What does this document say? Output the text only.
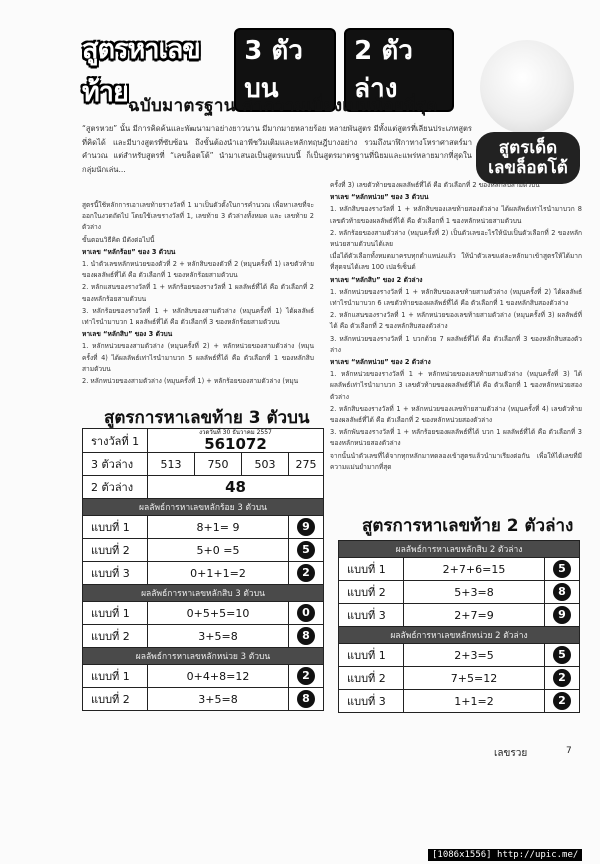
สูตรหาเลขท้าย
3 ตัวบน
2 ตัวล่าง
ฉบับมาตรฐาน ค่าความเบี่ยงเบนน้อยที่สุด
สูตรเด็ด
เลขล็อตโต้
“สูตรหวย” นั้น มีการคิดค้นและพัฒนามาอย่างยาวนาน มีมากมายหลายร้อย หลายพันสูตร มีทั้งแต่สูตรที่เลียนประเภทสูตรที่คิดได้ และมีบางสูตรที่ซับซ้อน ถึงขั้นต้องนำเอาพีชวิมเติมและหลักทฤษฎีบางอย่าง รวมถึงนาฬิกาทางโหราศาสตร์มาคำนวณ แต่สำหรับสูตรที่ “เลขล็อตโต้” นำมาเสนอเป็นสูตรแบบนี้ ก็เป็นสูตรมาตรฐานที่นิยมและแพร่หลายมากที่สุดในกลุ่มนักเล่น...

สูตรนี้ใช้หลักการเอาเลขท้ายรางวัลที่ 1 มาเป็นตัวตั้งในการคำนวณ เพื่อหาเลขที่จะออกในงวดถัดไป โดยใช้เลขรางวัลที่ 1, เลขท้าย 3 ตัวล่างทั้งหมด และ เลขท้าย 2 ตัวล่าง

ขั้นตอนวิธีคิด มีดังต่อไปนี้

หาเลข “หลักร้อย” ของ 3 ตัวบน

1. นำตัวเลขหลักหน่วยของตัวที่ 2 + หลักสิบของตัวที่ 2 (หมุนครั้งที่ 1) เลขตัวท้ายของผลลัพธ์ที่ได้ คือ ตัวเลือกที่ 1 ของหลักร้อยสามตัวบน

2. หลักแสนของรางวัลที่ 1 + หลักร้อยของรางวัลที่ 1 ผลลัพธ์ที่ได้ คือ ตัวเลือกที่ 2 ของหลักร้อยสามตัวบน

3. หลักร้อยของรางวัลที่ 1 + หลักสิบของสามตัวล่าง (หมุนครั้งที่ 1) ได้ผลลัพธ์เท่าไรนำมาบวก 1 ผลลัพธ์ที่ได้ คือ ตัวเลือกที่ 3 ของหลักร้อยสามตัวบน

หาเลข “หลักสิบ” ของ 3 ตัวบน

1. หลักหน่วยของสามตัวล่าง (หมุนครั้งที่ 2) + หลักหน่วยของสามตัวล่าง (หมุนครั้งที่ 4) ได้ผลลัพธ์เท่าไรนำมาบวก 5 ผลลัพธ์ที่ได้ คือ ตัวเลือกที่ 1 ของหลักสิบสามตัวบน

2. หลักหน่วยของสามตัวล่าง (หมุนครั้งที่ 1) + หลักร้อยของสามตัวล่าง (หมุน

ครั้งที่ 3) เลขตัวท้ายของผลลัพธ์ที่ได้ คือ ตัวเลือกที่ 2 ของหลักสิบสามตัวบน

หาเลข “หลักหน่วย” ของ 3 ตัวบน

1. หลักสิบของรางวัลที่ 1 + หลักสิบของเลขท้ายสองตัวล่าง ได้ผลลัพธ์เท่าไรนำมาบวก 8 เลขตัวท้ายของผลลัพธ์ที่ได้ คือ ตัวเลือกที่ 1 ของหลักหน่วยสามตัวบน

2. หลักร้อยของสามตัวล่าง (หมุนครั้งที่ 2) เป็นตัวเลขอะไรให้นับเป็นตัวเลือกที่ 2 ของหลักหน่วยสามตัวบนได้เลย

เมื่อได้ตัวเลือกทั้งหมดมาครบทุกตำแหน่งแล้ว ให้นำตัวเลขแต่ละหลักมาเข้าสูตรให้ได้มากที่สุดจนได้เลข 100 เปอร์เซ็นต์

หาเลข “หลักสิบ” ของ 2 ตัวล่าง

1. หลักหน่วยของรางวัลที่ 1 + หลักสิบของเลขท้ายสามตัวล่าง (หมุนครั้งที่ 2) ได้ผลลัพธ์เท่าไรนำมาบวก 6 เลขตัวท้ายของผลลัพธ์ที่ได้ คือ ตัวเลือกที่ 1 ของหลักสิบสองตัวล่าง

2. หลักแสนของรางวัลที่ 1 + หลักหน่วยของเลขท้ายสามตัวล่าง (หมุนครั้งที่ 3) ผลลัพธ์ที่ได้ คือ ตัวเลือกที่ 2 ของหลักสิบสองตัวล่าง

3. หลักหน่วยของรางวัลที่ 1 บวกด้วย 7 ผลลัพธ์ที่ได้ คือ ตัวเลือกที่ 3 ของหลักสิบสองตัวล่าง

หาเลข “หลักหน่วย” ของ 2 ตัวล่าง

1. หลักหน่วยของรางวัลที่ 1 + หลักหน่วยของเลขท้ายสามตัวล่าง (หมุนครั้งที่ 3) ได้ผลลัพธ์เท่าไรนำมาบวก 3 เลขตัวท้ายของผลลัพธ์ที่ได้ คือ ตัวเลือกที่ 1 ของหลักหน่วยสองตัวล่าง

2. หลักสิบของรางวัลที่ 1 + หลักหน่วยของเลขท้ายสามตัวล่าง (หมุนครั้งที่ 4) เลขตัวท้ายของผลลัพธ์ที่ได้ คือ ตัวเลือกที่ 2 ของหลักหน่วยสองตัวล่าง

3. หลักพันของรางวัลที่ 1 + หลักร้อยของผลลัพธ์ที่ได้ บวก 1 ผลลัพธ์ที่ได้ คือ ตัวเลือกที่ 3 ของหลักหน่วยสองตัวล่าง

จากนั้นนำตัวเลขที่ได้จากทุกหลักมาทดลองเข้าสูตรแล้วนำมาเรียงต่อกัน เพื่อให้ได้เลขที่มีความแม่นยำมากที่สุด

สูตรการหาเลขท้าย 3 ตัวบน
รางวัลที่ 1	งวดวันที่ 30 ธันวาคม 2557
561072			

3 ตัวล่าง	513	750	503	275
2 ตัวล่าง	48			
ผลลัพธ์การหาเลขหลักร้อย 3 ตัวบน				
แบบที่ 1	8+1= 9			9
แบบที่ 2	5+0 =5			5
แบบที่ 3	0+1+1=2			2
ผลลัพธ์การหาเลขหลักสิบ 3 ตัวบน				
แบบที่ 1	0+5+5=10			0
แบบที่ 2	3+5=8			8
ผลลัพธ์การหาเลขหลักหน่วย 3 ตัวบน				
แบบที่ 1	0+4+8=12			2
แบบที่ 2	3+5=8			8
สูตรการหาเลขท้าย 2 ตัวล่าง
ผลลัพธ์การหาเลขหลักสิบ 2 ตัวล่าง		
แบบที่ 1	2+7+6=15	5
แบบที่ 2	5+3=8	8
แบบที่ 3	2+7=9	9
ผลลัพธ์การหาเลขหลักหน่วย 2 ตัวล่าง		
แบบที่ 1	2+3=5	5
แบบที่ 2	7+5=12	2
แบบที่ 3	1+1=2	2
เลขรวย	7
[1086x1556] http://upic.me/
